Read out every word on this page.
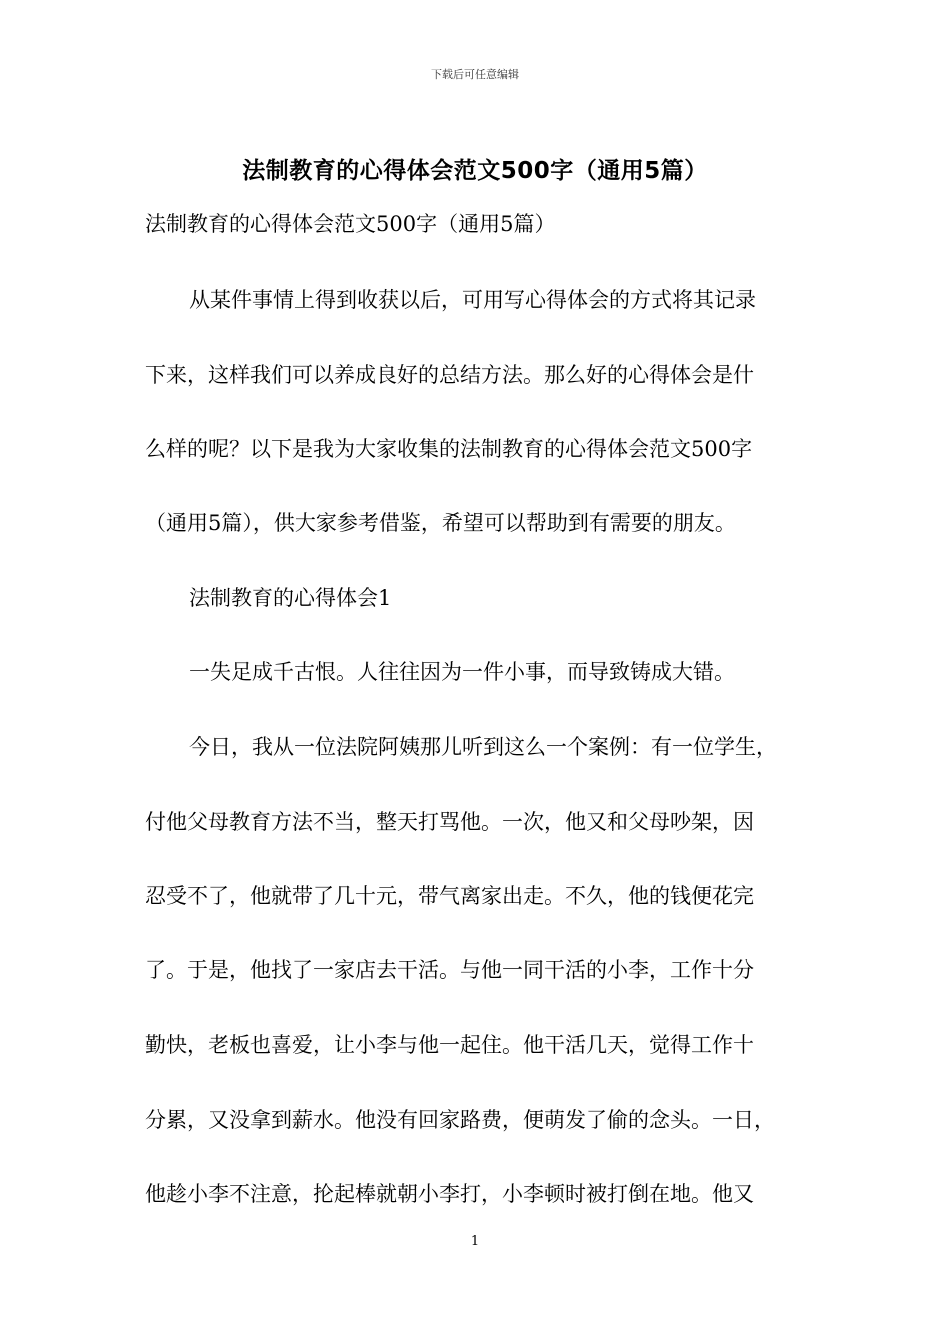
下载后可任意编辑
法制教育的心得体会范文500字（通用5篇）
法制教育的心得体会范文500字（通用5篇）
从某件事情上得到收获以后，可用写心得体会的方式将其记录
下来，这样我们可以养成良好的总结方法。那么好的心得体会是什
么样的呢？以下是我为大家收集的法制教育的心得体会范文500字
（通用5篇），供大家参考借鉴，希望可以帮助到有需要的朋友。
法制教育的心得体会1
一失足成千古恨。人往往因为一件小事，而导致铸成大错。
今日，我从一位法院阿姨那儿听到这么一个案例：有一位学生，
付他父母教育方法不当，整天打骂他。一次，他又和父母吵架，因
忍受不了，他就带了几十元，带气离家出走。不久，他的钱便花完
了。于是，他找了一家店去干活。与他一同干活的小李，工作十分
勤快，老板也喜爱，让小李与他一起住。他干活几天，觉得工作十
分累，又没拿到薪水。他没有回家路费，便萌发了偷的念头。一日，
他趁小李不注意，抡起棒就朝小李打，小李顿时被打倒在地。他又
1
